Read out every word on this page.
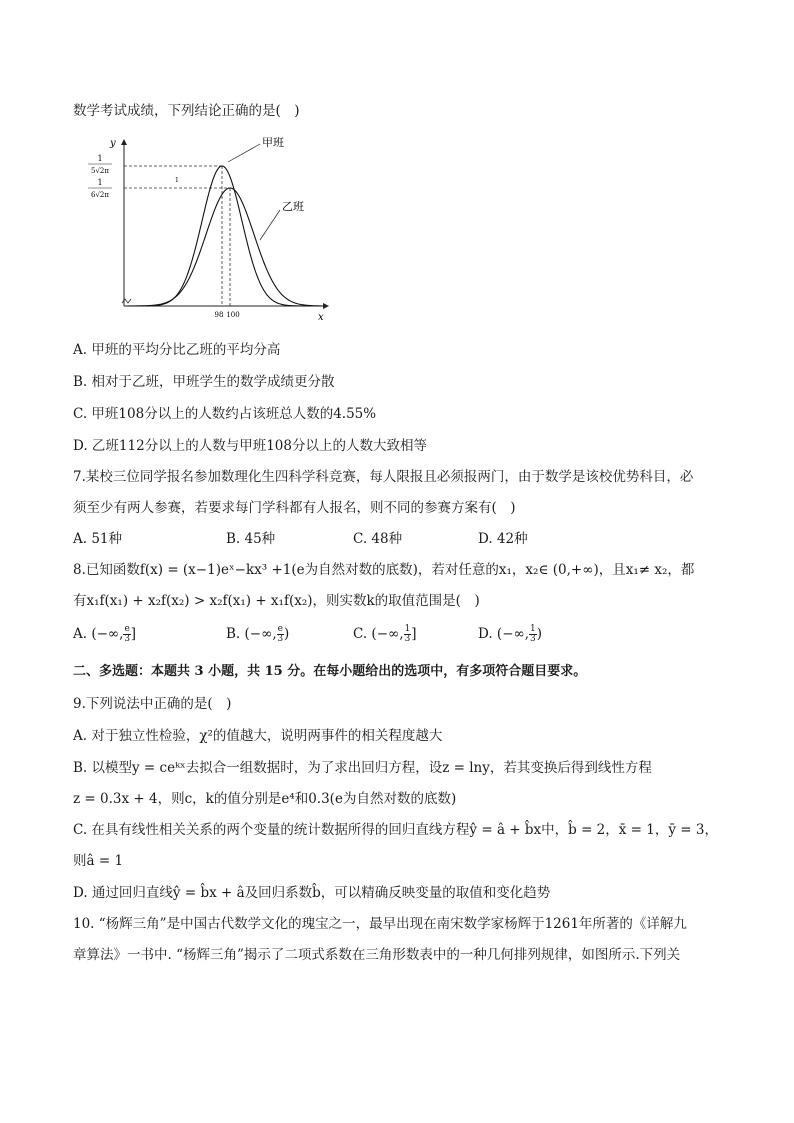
数学考试成绩，下列结论正确的是(　)
y
x
1
5√2π
1
6√2π
98 100
甲班
乙班
1
A. 甲班的平均分比乙班的平均分高
B. 相对于乙班，甲班学生的数学成绩更分散
C. 甲班108分以上的人数约占该班总人数的4.55%
D. 乙班112分以上的人数与甲班108分以上的人数大致相等
7.某校三位同学报名参加数理化生四科学科竞赛，每人限报且必须报两门，由于数学是该校优势科目，必
须至少有两人参赛，若要求每门学科都有人报名，则不同的参赛方案有(　)
A. 51种	B. 45种	C. 48种	D. 42种
8.已知函数f(x) = (x−1)eˣ−kx³ +1(e为自然对数的底数)，若对任意的x₁，x₂∈ (0,+∞)，且x₁≠ x₂，都
有x₁f(x₁) + x₂f(x₂) > x₂f(x₁) + x₁f(x₂)，则实数k的取值范围是(　)
A. (−∞, $\frac{e}{3}$ ]	B. (−∞, $\frac{e}{3}$ )	C. (−∞, $\frac{1}{3}$ ]	D. (−∞, $\frac{1}{3}$ )
二、多选题：本题共 3 小题，共 15 分。在每小题给出的选项中，有多项符合题目要求。
9.下列说法中正确的是(　)
A. 对于独立性检验，χ²的值越大，说明两事件的相关程度越大
B. 以模型y = ceᵏˣ去拟合一组数据时，为了求出回归方程，设z = lny，若其变换后得到线性方程
z = 0.3x + 4，则c，k的值分别是e⁴和0.3(e为自然对数的底数)
C. 在具有线性相关关系的两个变量的统计数据所得的回归直线方程ŷ = â + b̂x中，b̂ = 2，x̄ = 1，ȳ = 3，
则â = 1
D. 通过回归直线ŷ = b̂x + â及回归系数b̂，可以精确反映变量的取值和变化趋势
10. “杨辉三角”是中国古代数学文化的瑰宝之一，最早出现在南宋数学家杨辉于1261年所著的《详解九
章算法》一书中. “杨辉三角”揭示了二项式系数在三角形数表中的一种几何排列规律，如图所示.下列关
